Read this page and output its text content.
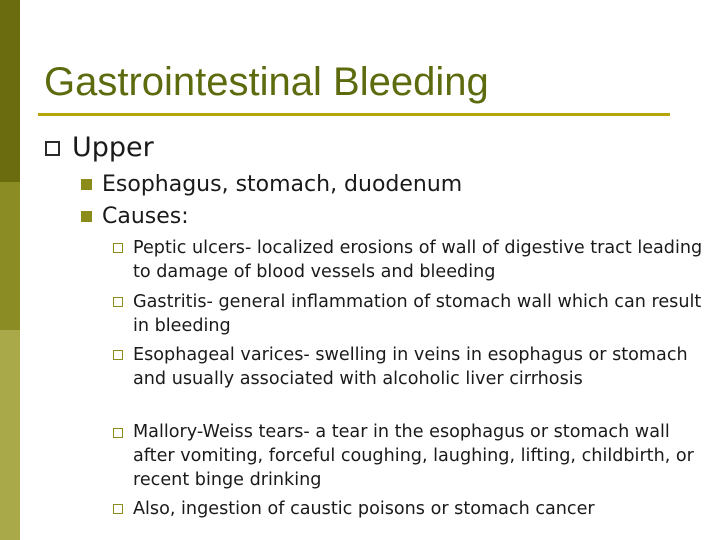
Gastrointestinal Bleeding
Upper
Esophagus, stomach, duodenum
Causes:
Peptic ulcers- localized erosions of wall of digestive tract leading to damage of blood vessels and bleeding
Gastritis- general inflammation of stomach wall which can result in bleeding
Esophageal varices- swelling in veins in esophagus or stomach and usually associated with alcoholic liver cirrhosis
Mallory-Weiss tears- a tear in the esophagus or stomach wall after vomiting, forceful coughing, laughing, lifting, childbirth, or recent binge drinking
Also, ingestion of caustic poisons or stomach cancer
